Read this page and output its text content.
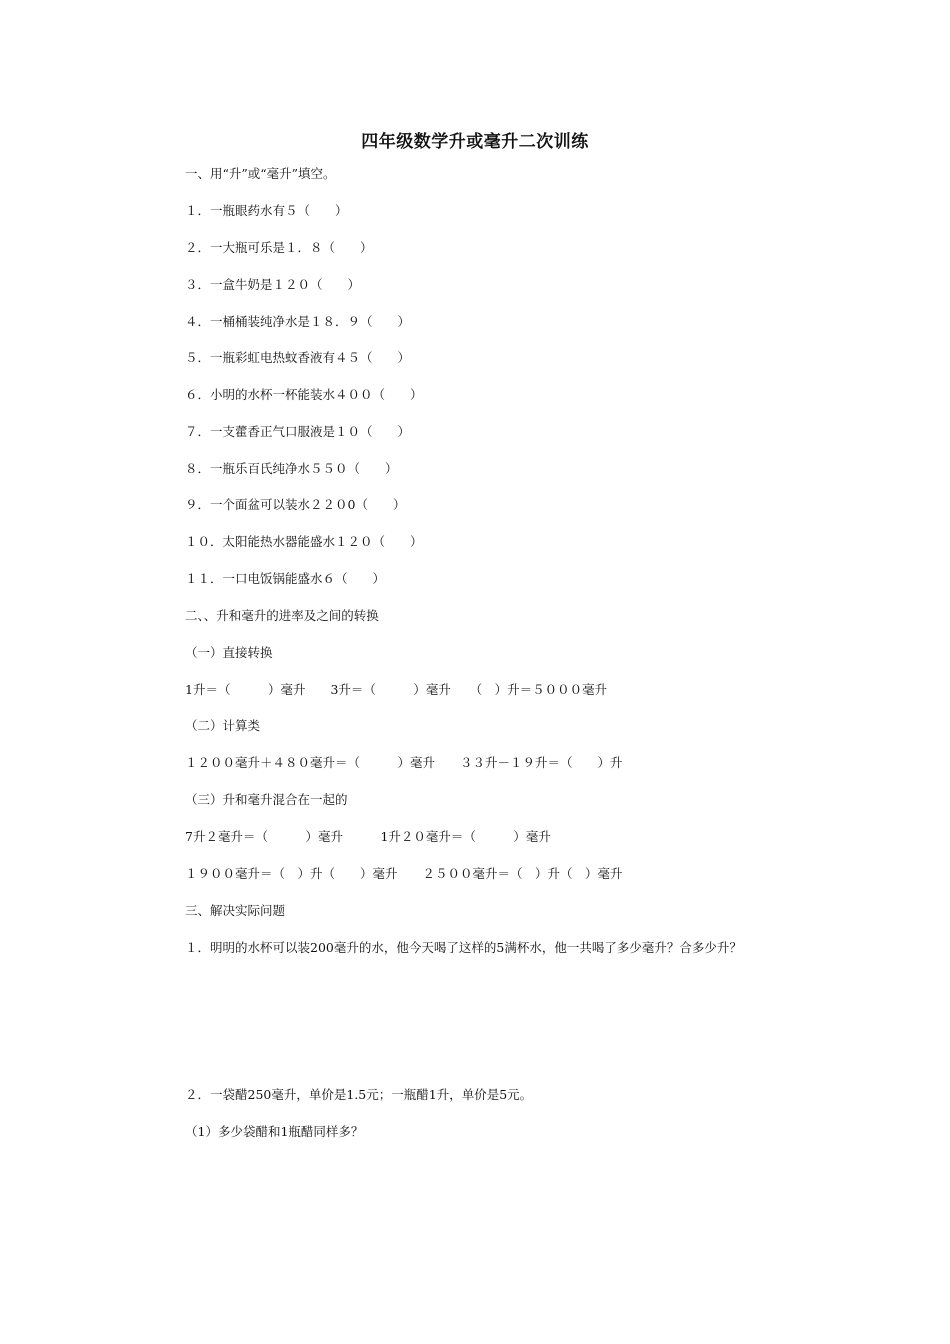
四年级数学升或毫升二次训练
一、用“升”或“毫升”填空。
１．一瓶眼药水有５（　　）
２．一大瓶可乐是１．８（　　）
３．一盒牛奶是１２０（　　）
４．一桶桶装纯净水是１８．９（　　）
５．一瓶彩虹电热蚊香液有４５（　　）
６．小明的水杯一杯能装水４００（　　）
７．一支藿香正气口服液是１０（　　）
８．一瓶乐百氏纯净水５５０（　　）
９．一个面盆可以装水２２０0（　　）
１０．太阳能热水器能盛水１２０（　　）
１１．一口电饭锅能盛水６（　　）
二、、升和毫升的进率及之间的转换
（一）直接转换
1升＝（　　　）毫升　　3升＝（　　　）毫升　　（　）升＝５０００毫升
（二）计算类
１２００毫升＋４８０毫升＝（　　　）毫升　　３３升－１９升＝（　　）升
（三）升和毫升混合在一起的
7升２毫升＝（　　　）毫升　　　1升２０毫升＝（　　　）毫升
１９００毫升＝（　）升（　　）毫升　　２５００毫升＝（　）升（　）毫升
三、解决实际问题
１．明明的水杯可以装200毫升的水，他今天喝了这样的5满杯水，他一共喝了多少毫升？合多少升？
２．一袋醋250毫升，单价是1.5元；一瓶醋1升，单价是5元。
（1）多少袋醋和1瓶醋同样多？
